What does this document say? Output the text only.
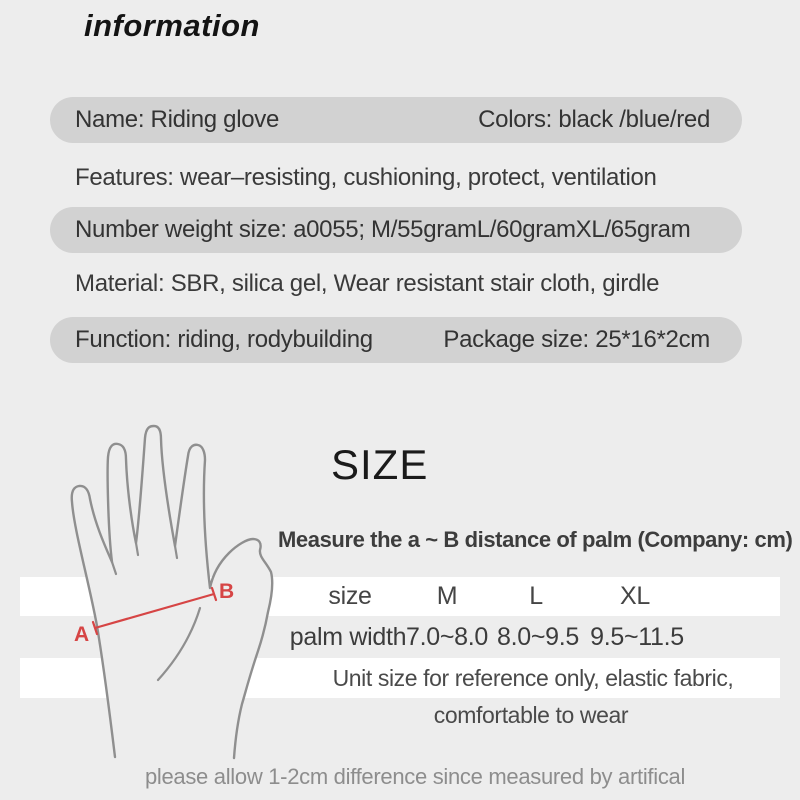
information
Name: Riding glove	Colors: black /blue/red
Features: wear–resisting, cushioning, protect, ventilation
Number weight size: a0055; M/55gramL/60gramXL/65gram
Material: SBR, silica gel, Wear resistant stair cloth, girdle
Function: riding, rodybuilding	Package size: 25*16*2cm
SIZE
Measure the a ~ B distance of palm (Company: cm)
size	M	L	XL
palm width 7.0~8.0 8.0~9.5 9.5~11.5
Unit size for reference only, elastic fabric,
comfortable to wear
please allow 1-2cm difference since measured by artifical
A
B
